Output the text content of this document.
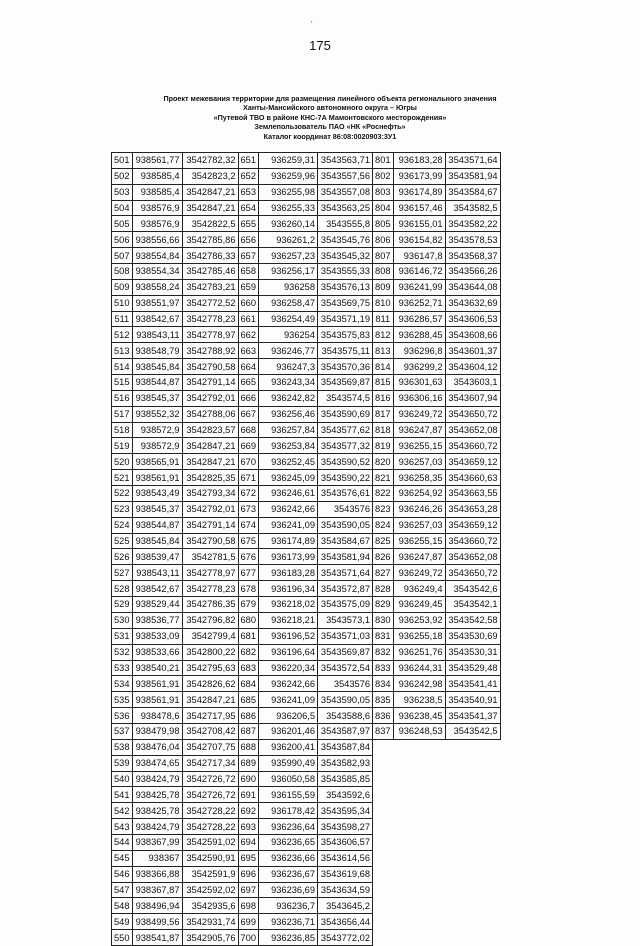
'
175
Проект межевания территории для размещения линейного объекта регионального значения
Ханты-Мансийского автономного округа – Югры
«Путевой ТВО в районе КНС-7А Мамонтовского месторождения»
Землепользователь ПАО «НК «Роснефть»
Каталог координат 86:08:0020903:3У1
501	938561,77	3542782,32	651	936259,31	3543563,71	801	936183,28	3543571,64
502	938585,4	3542823,2	652	936259,96	3543557,56	802	936173,99	3543581,94
503	938585,4	3542847,21	653	936255,98	3543557,08	803	936174,89	3543584,67
504	938576,9	3542847,21	654	936255,33	3543563,25	804	936157,46	3543582,5
505	938576,9	3542822,5	655	936260,14	3543555,8	805	936155,01	3543582,22
506	938556,66	3542785,86	656	936261,2	3543545,76	806	936154,82	3543578,53
507	938554,84	3542786,33	657	936257,23	3543545,32	807	936147,8	3543568,37
508	938554,34	3542785,46	658	936256,17	3543555,33	808	936146,72	3543566,26
509	938558,24	3542783,21	659	936258	3543576,13	809	936241,99	3543644,08
510	938551,97	3542772,52	660	936258,47	3543569,75	810	936252,71	3543632,69
511	938542,67	3542778,23	661	936254,49	3543571,19	811	936286,57	3543606,53
512	938543,11	3542778,97	662	936254	3543575,83	812	936288,45	3543608,66
513	938548,79	3542788,92	663	936246,77	3543575,11	813	936296,8	3543601,37
514	938545,84	3542790,58	664	936247,3	3543570,36	814	936299,2	3543604,12
515	938544,87	3542791,14	665	936243,34	3543569,87	815	936301,63	3543603,1
516	938545,37	3542792,01	666	936242,82	3543574,5	816	936306,16	3543607,94
517	938552,32	3542788,06	667	936256,46	3543590,69	817	936249,72	3543650,72
518	938572,9	3542823,57	668	936257,84	3543577,62	818	936247,87	3543652,08
519	938572,9	3542847,21	669	936253,84	3543577,32	819	936255,15	3543660,72
520	938565,91	3542847,21	670	936252,45	3543590,52	820	936257,03	3543659,12
521	938561,91	3542825,35	671	936245,09	3543590,22	821	936258,35	3543660,63
522	938543,49	3542793,34	672	936246,61	3543576,61	822	936254,92	3543663,55
523	938545,37	3542792,01	673	936242,66	3543576	823	936246,26	3543653,28
524	938544,87	3542791,14	674	936241,09	3543590,05	824	936257,03	3543659,12
525	938545,84	3542790,58	675	936174,89	3543584,67	825	936255,15	3543660,72
526	938539,47	3542781,5	676	936173,99	3543581,94	826	936247,87	3543652,08
527	938543,11	3542778,97	677	936183,28	3543571,64	827	936249,72	3543650,72
528	938542,67	3542778,23	678	936196,34	3543572,87	828	936249,4	3543542,6
529	938529,44	3542786,35	679	936218,02	3543575,09	829	936249,45	3543542,1
530	938536,77	3542796,82	680	936218,21	3543573,1	830	936253,92	3543542,58
531	938533,09	3542799,4	681	936196,52	3543571,03	831	936255,18	3543530,69
532	938533,66	3542800,22	682	936196,64	3543569,87	832	936251,76	3543530,31
533	938540,21	3542795,63	683	936220,34	3543572,54	833	936244,31	3543529,48
534	938561,91	3542826,62	684	936242,66	3543576	834	936242,98	3543541,41
535	938561,91	3542847,21	685	936241,09	3543590,05	835	936238,5	3543540,91
536	938478,6	3542717,95	686	936206,5	3543588,6	836	936238,45	3543541,37
537	938479,98	3542708,42	687	936201,46	3543587,97	837	936248,53	3543542,5
538	938476,04	3542707,75	688	936200,41	3543587,84			
539	938474,65	3542717,34	689	935990,49	3543582,93			
540	938424,79	3542726,72	690	936050,58	3543585,85			
541	938425,78	3542726,72	691	936155,59	3543592,6			
542	938425,78	3542728,22	692	936178,42	3543595,34			
543	938424,79	3542728,22	693	936236,64	3543598,27			
544	938367,99	3542591,02	694	936236,65	3543606,57			
545	938367	3542590,91	695	936236,66	3543614,56			
546	938366,88	3542591,9	696	936236,67	3543619,68			
547	938367,87	3542592,02	697	936236,69	3543634,59			
548	938496,94	3542935,6	698	936236,7	3543645,2			
549	938499,56	3542931,74	699	936236,71	3543656,44			
550	938541,87	3542905,76	700	936236,85	3543772,02			
